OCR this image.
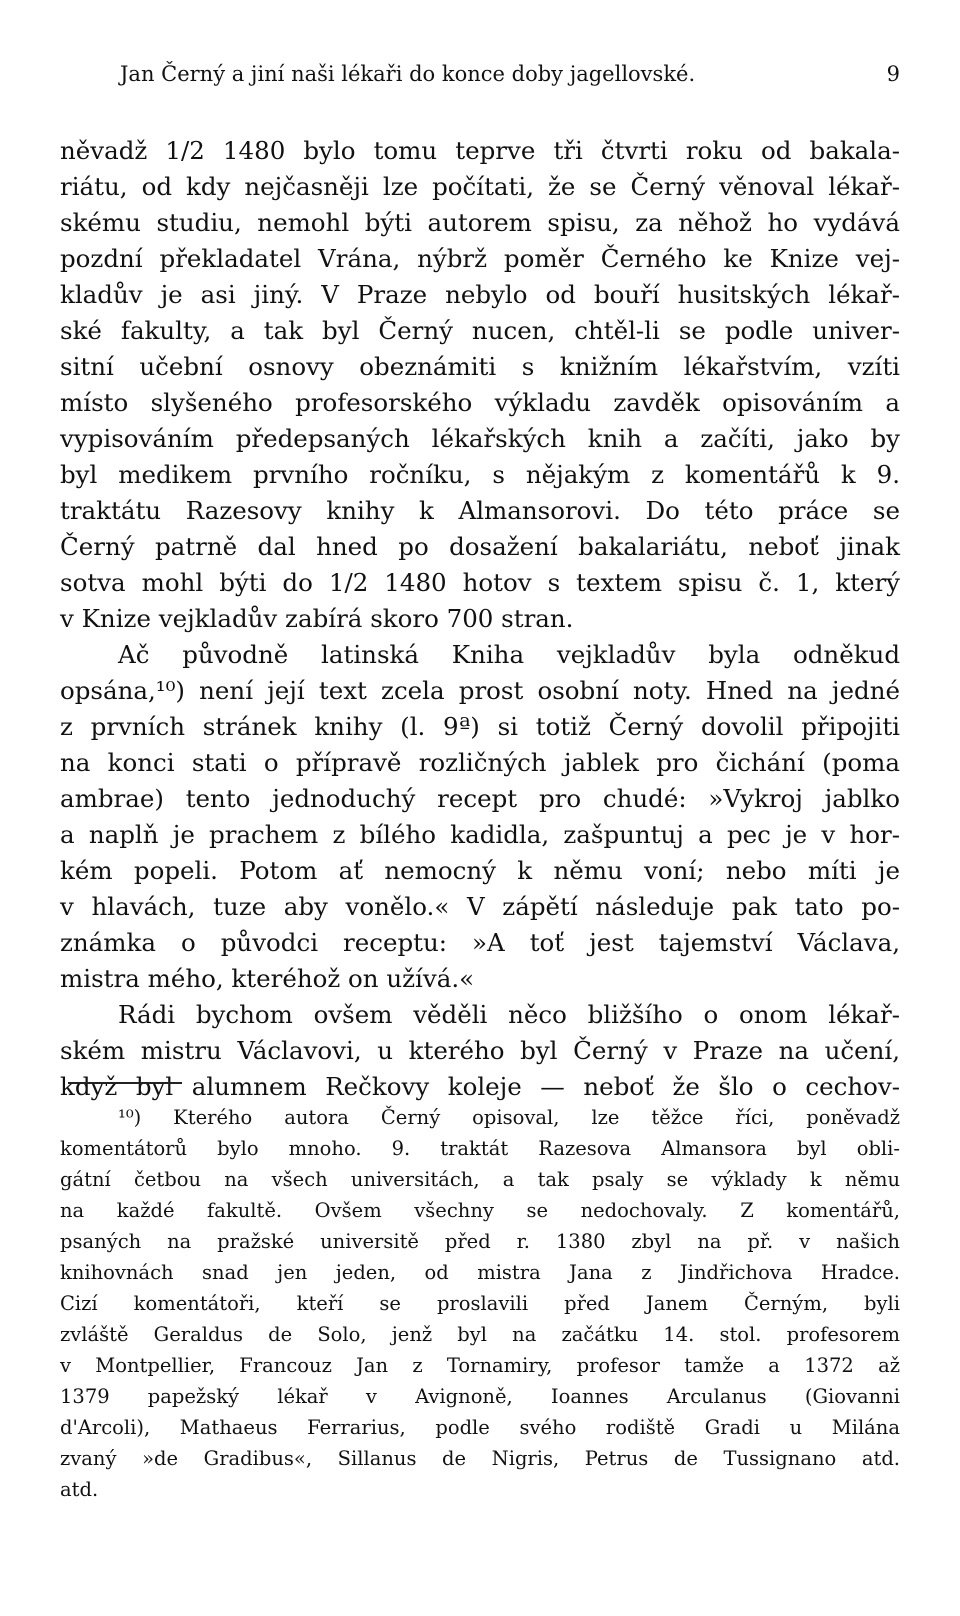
Jan Černý a jiní naši lékaři do konce doby jagellovské.	9
něvadž 1/2 1480 bylo tomu teprve tři čtvrti roku od bakala-
riátu, od kdy nejčasněji lze počítati, že se Černý věnoval lékař-
skému studiu, nemohl býti autorem spisu, za něhož ho vydává
pozdní překladatel Vrána, nýbrž poměr Černého ke Knize vej-
kladův je asi jiný. V Praze nebylo od bouří husitských lékař-
ské fakulty, a tak byl Černý nucen, chtěl-li se podle univer-
sitní učební osnovy obeznámiti s knižním lékařstvím, vzíti
místo slyšeného profesorského výkladu zavděk opisováním a
vypisováním předepsaných lékařských knih a začíti, jako by
byl medikem prvního ročníku, s nějakým z komentářů k 9.
traktátu Razesovy knihy k Almansorovi. Do této práce se
Černý patrně dal hned po dosažení bakalariátu, neboť jinak
sotva mohl býti do 1/2 1480 hotov s textem spisu č. 1, který
v Knize vejkladův zabírá skoro 700 stran.
Ač původně latinská Kniha vejkladův byla odněkud
opsána,¹⁰) není její text zcela prost osobní noty. Hned na jedné
z prvních stránek knihy (l. 9ª) si totiž Černý dovolil připojiti
na konci stati o přípravě rozličných jablek pro čichání (poma
ambrae) tento jednoduchý recept pro chudé: »Vykroj jablko
a naplň je prachem z bílého kadidla, zašpuntuj a pec je v hor-
kém popeli. Potom ať nemocný k němu voní; nebo míti je
v hlavách, tuze aby vonělo.« V zápětí následuje pak tato po-
známka o původci receptu: »A toť jest tajemství Václava,
mistra mého, kteréhož on užívá.«
Rádi bychom ovšem věděli něco bližšího o onom lékař-
ském mistru Václavovi, u kterého byl Černý v Praze na učení,
když byl alumnem Rečkovy koleje — neboť že šlo o cechov-
¹⁰) Kterého autora Černý opisoval, lze těžce říci, poněvadž
komentátorů bylo mnoho. 9. traktát Razesova Almansora byl obli-
gátní četbou na všech universitách, a tak psaly se výklady k němu
na každé fakultě. Ovšem všechny se nedochovaly. Z komentářů,
psaných na pražské universitě před r. 1380 zbyl na př. v našich
knihovnách snad jen jeden, od mistra Jana z Jindřichova Hradce.
Cizí komentátoři, kteří se proslavili před Janem Černým, byli
zvláště Geraldus de Solo, jenž byl na začátku 14. stol. profesorem
v Montpellier, Francouz Jan z Tornamiry, profesor tamže a 1372 až
1379 papežský lékař v Avignoně, Ioannes Arculanus (Giovanni
d'Arcoli), Mathaeus Ferrarius, podle svého rodiště Gradi u Milána
zvaný »de Gradibus«, Sillanus de Nigris, Petrus de Tussignano atd.
atd.
